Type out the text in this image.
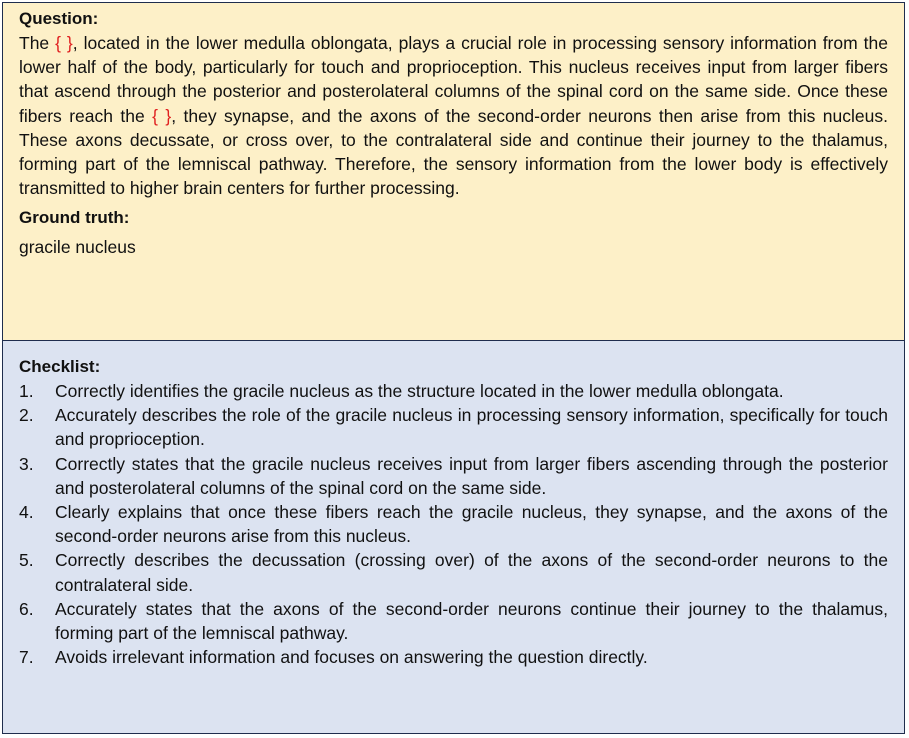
Question:

The { }, located in the lower medulla oblongata, plays a crucial role in processing sensory information from the lower half of the body, particularly for touch and proprioception. This nucleus receives input from larger fibers that ascend through the posterior and posterolateral columns of the spinal cord on the same side. Once these fibers reach the { }, they synapse, and the axons of the second-order neurons then arise from this nucleus. These axons decussate, or cross over, to the contralateral side and continue their journey to the thalamus, forming part of the lemniscal pathway. Therefore, the sensory information from the lower body is effectively transmitted to higher brain centers for further processing.

Ground truth:
gracile nucleus
Checklist:
1.	Correctly identifies the gracile nucleus as the structure located in the lower medulla oblongata.
2.	Accurately describes the role of the gracile nucleus in processing sensory information, specifically for touch and proprioception.
3.	Correctly states that the gracile nucleus receives input from larger fibers ascending through the posterior and posterolateral columns of the spinal cord on the same side.
4.	Clearly explains that once these fibers reach the gracile nucleus, they synapse, and the axons of the second-order neurons arise from this nucleus.
5.	Correctly describes the decussation (crossing over) of the axons of the second-order neurons to the contralateral side.
6.	Accurately states that the axons of the second-order neurons continue their journey to the thalamus, forming part of the lemniscal pathway.
7.	Avoids irrelevant information and focuses on answering the question directly.
